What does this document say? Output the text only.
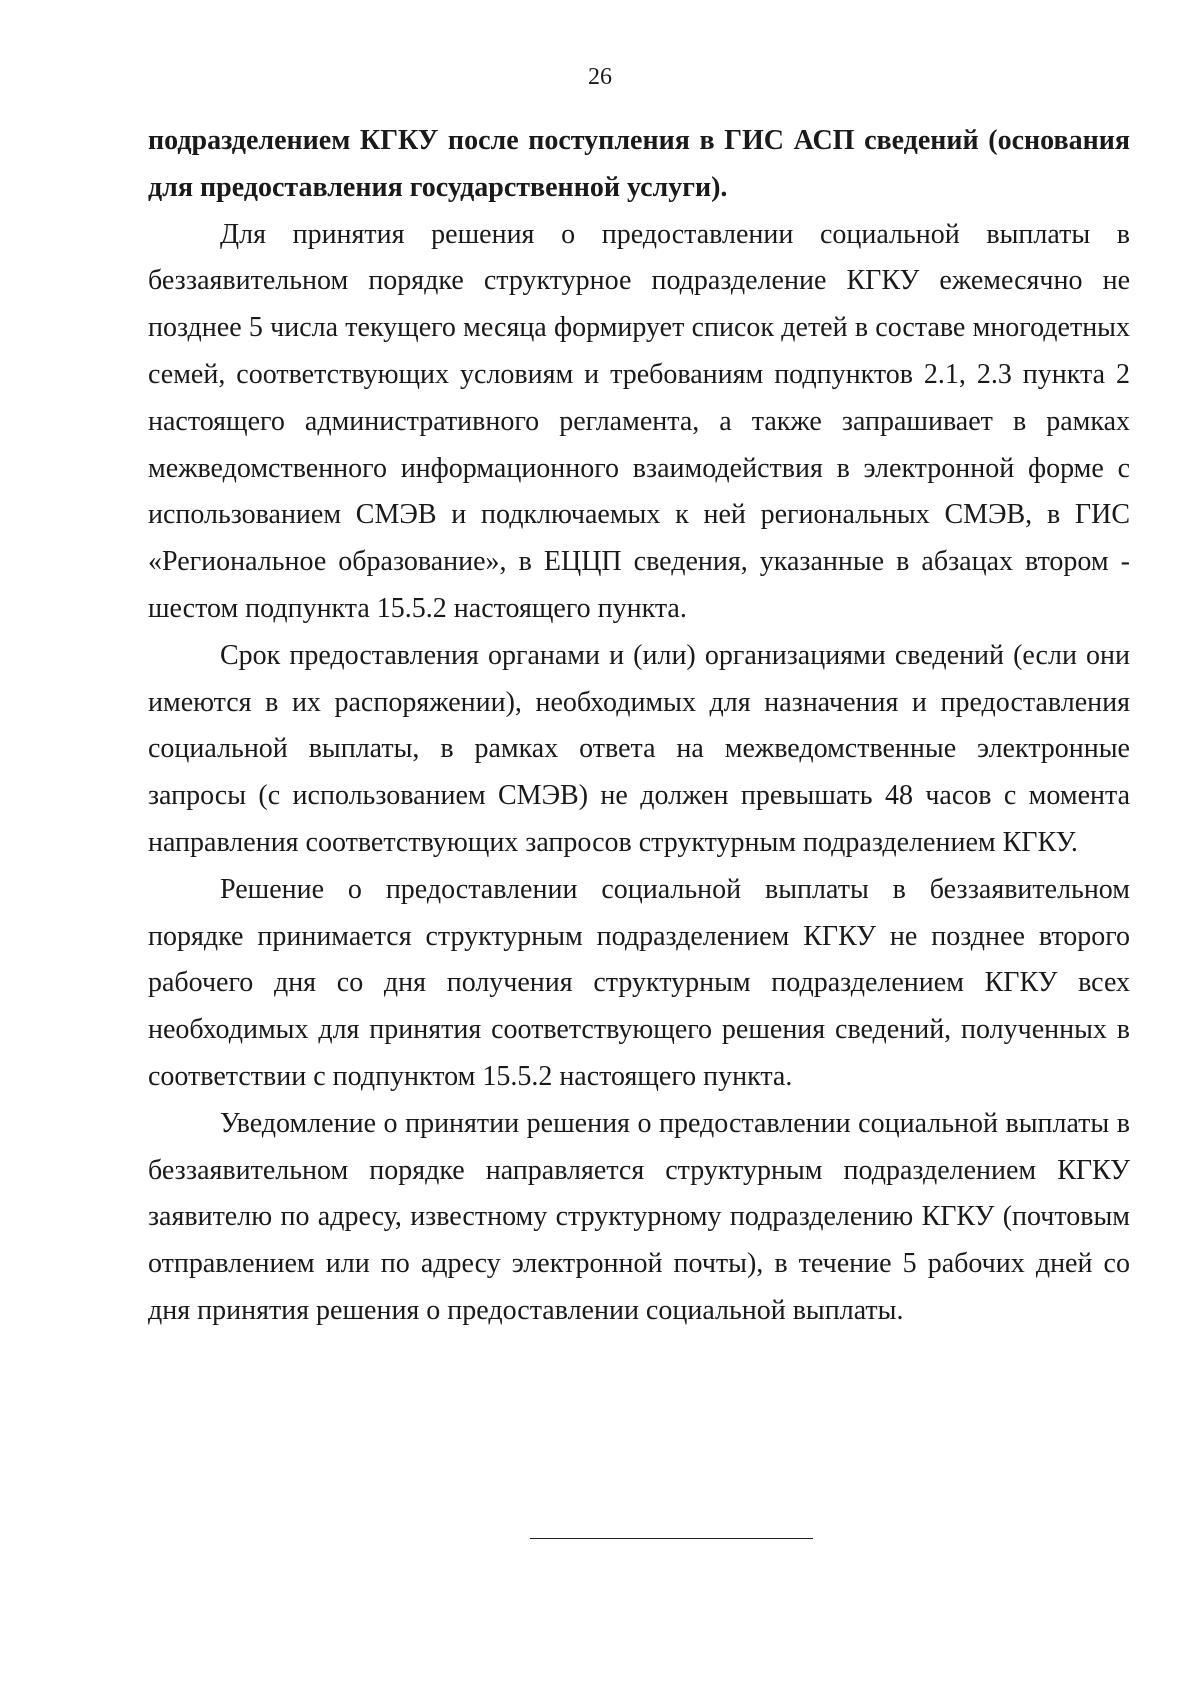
26

подразделением КГКУ после поступления в ГИС АСП сведений (основания для предоставления государственной услуги).

Для принятия решения о предоставлении социальной выплаты в беззаявительном порядке структурное подразделение КГКУ ежемесячно не позднее 5 числа текущего месяца формирует список детей в составе многодетных семей, соответствующих условиям и требованиям подпунктов 2.1, 2.3 пункта 2 настоящего административного регламента, а также запрашивает в рамках межведомственного информационного взаимодействия в электронной форме с использованием СМЭВ и подключаемых к ней региональных СМЭВ, в ГИС «Региональное образование», в ЕЦЦП сведения, указанные в абзацах втором - шестом подпункта 15.5.2 настоящего пункта.

Срок предоставления органами и (или) организациями сведений (если они имеются в их распоряжении), необходимых для назначения и предоставления социальной выплаты, в рамках ответа на межведомственные электронные запросы (с использованием СМЭВ) не должен превышать 48 часов с момента направления соответствующих запросов структурным подразделением КГКУ.

Решение о предоставлении социальной выплаты в беззаявительном порядке принимается структурным подразделением КГКУ не позднее второго рабочего дня со дня получения структурным подразделением КГКУ всех необходимых для принятия соответствующего решения сведений, полученных в соответствии с подпунктом 15.5.2 настоящего пункта.

Уведомление о принятии решения о предоставлении социальной выплаты в беззаявительном порядке направляется структурным подразделением КГКУ заявителю по адресу, известному структурному подразделению КГКУ (почтовым отправлением или по адресу электронной почты), в течение 5 рабочих дней со дня принятия решения о предоставлении социальной выплаты.
